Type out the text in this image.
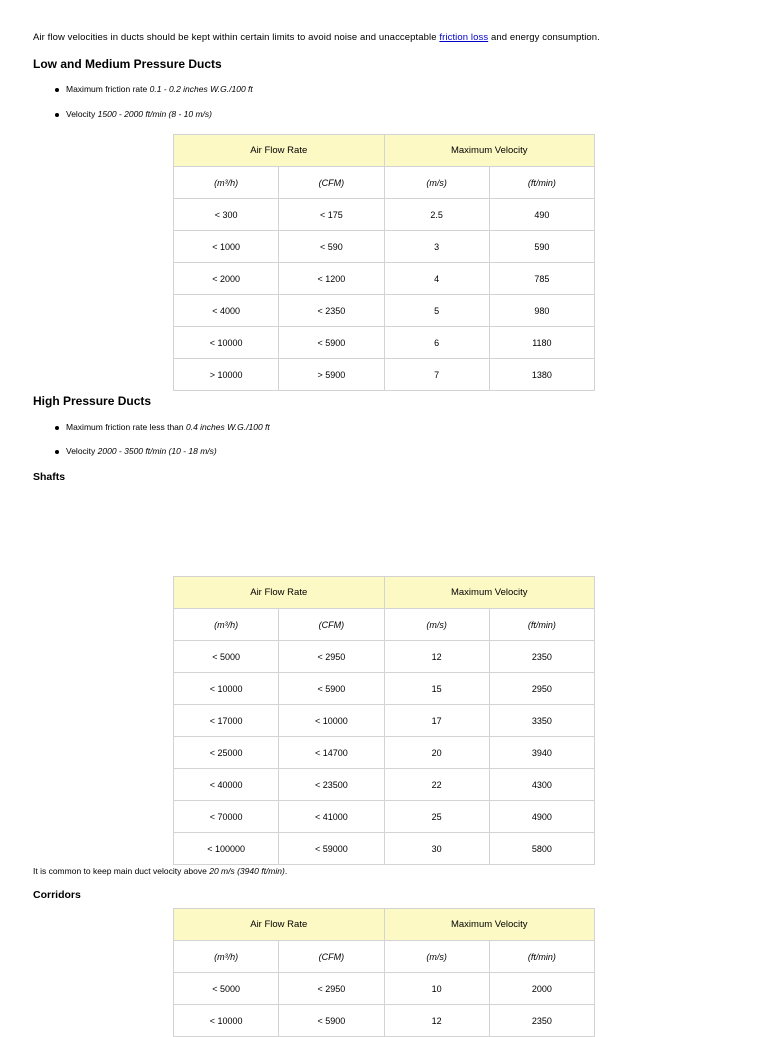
Air flow velocities in ducts should be kept within certain limits to avoid noise and unacceptable friction loss and energy consumption.
Low and Medium Pressure Ducts
Maximum friction rate 0.1 - 0.2 inches W.G./100 ft
Velocity 1500 - 2000 ft/min (8 - 10 m/s)
Air Flow Rate		Maximum Velocity	
(m³/h)	(CFM)	(m/s)	(ft/min)
< 300	< 175	2.5	490
< 1000	< 590	3	590
< 2000	< 1200	4	785
< 4000	< 2350	5	980
< 10000	< 5900	6	1180
> 10000	> 5900	7	1380
High Pressure Ducts
Maximum friction rate less than 0.4 inches W.G./100 ft
Velocity 2000 - 3500 ft/min (10 - 18 m/s)
Shafts
Air Flow Rate		Maximum Velocity	
(m³/h)	(CFM)	(m/s)	(ft/min)
< 5000	< 2950	12	2350
< 10000	< 5900	15	2950
< 17000	< 10000	17	3350
< 25000	< 14700	20	3940
< 40000	< 23500	22	4300
< 70000	< 41000	25	4900
< 100000	< 59000	30	5800

It is common to keep main duct velocity above 20 m/s (3940 ft/min).

Corridors
Air Flow Rate		Maximum Velocity	
(m³/h)	(CFM)	(m/s)	(ft/min)
< 5000	< 2950	10	2000
< 10000	< 5900	12	2350
